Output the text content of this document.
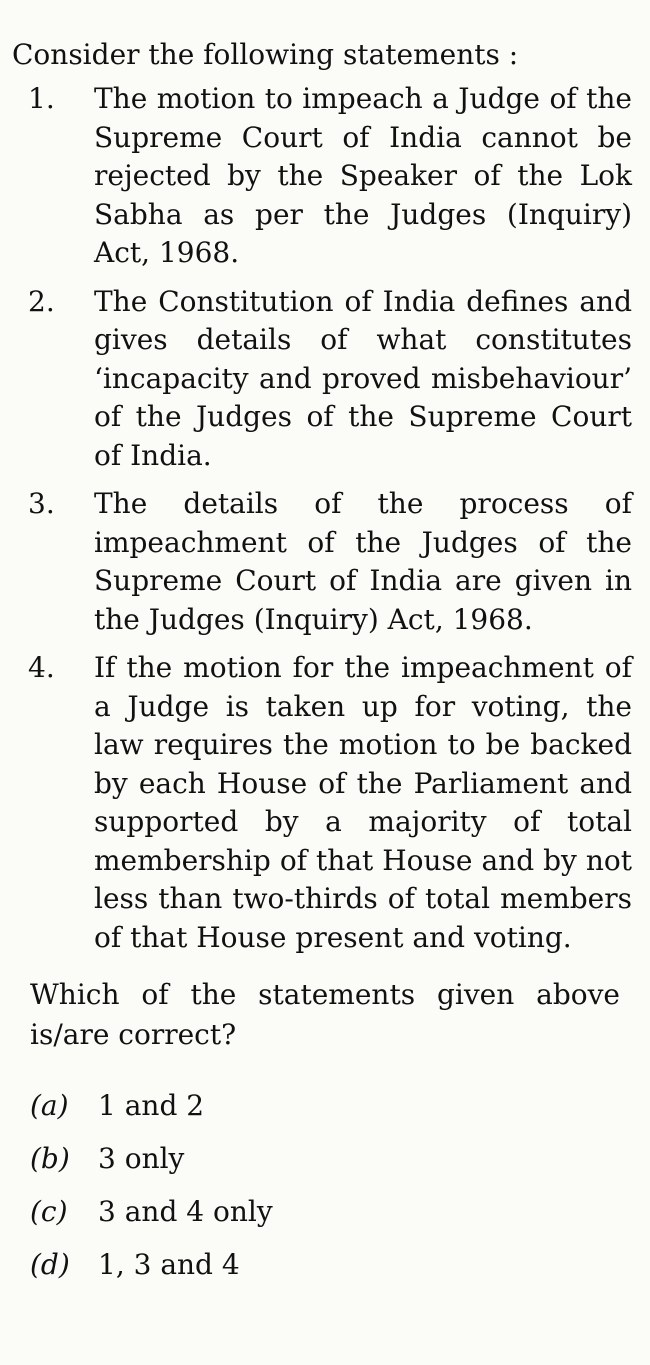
Consider the following statements :
1.	The motion to impeach a Judge of the Supreme Court of India cannot be rejected by the Speaker of the Lok Sabha as per the Judges (Inquiry) Act, 1968.
2.	The Constitution of India defines and gives details of what constitutes ‘incapacity and proved misbehaviour’ of the Judges of the Supreme Court of India.
3.	The details of the process of impeachment of the Judges of the Supreme Court of India are given in the Judges (Inquiry) Act, 1968.
4.	If the motion for the impeachment of a Judge is taken up for voting, the law requires the motion to be backed by each House of the Parliament and supported by a majority of total membership of that House and by not less than two-thirds of total members of that House present and voting.
Which of the statements given above is/are correct?
(a)	1 and 2
(b)	3 only
(c)	3 and 4 only
(d)	1, 3 and 4
